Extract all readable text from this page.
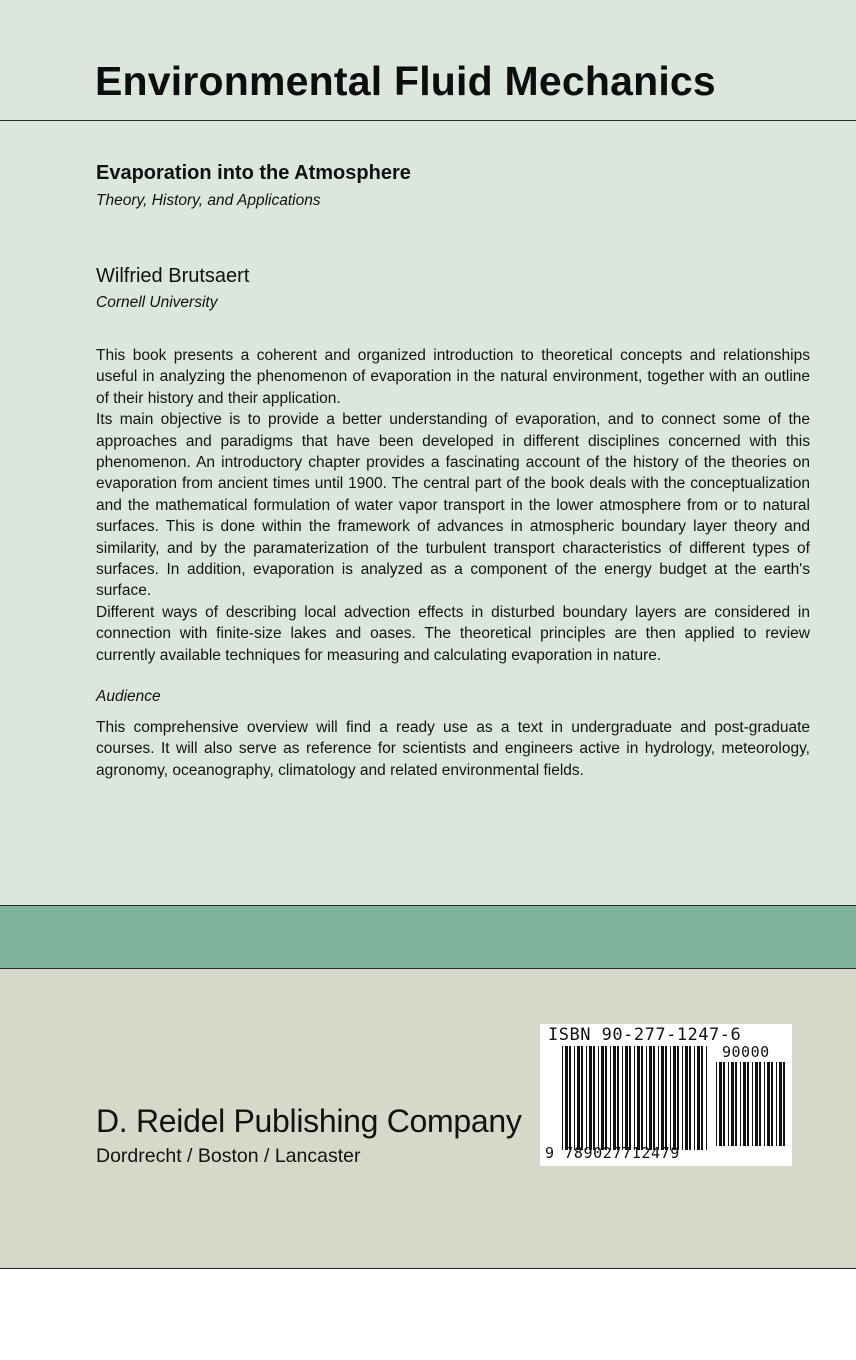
Environmental Fluid Mechanics
Evaporation into the Atmosphere
Theory, History, and Applications
Wilfried Brutsaert
Cornell University
This book presents a coherent and organized introduction to theoretical concepts and relationships useful in analyzing the phenomenon of evaporation in the natural environment, together with an outline of their history and their application.
Its main objective is to provide a better understanding of evaporation, and to connect some of the approaches and paradigms that have been developed in different disciplines concerned with this phenomenon. An introductory chapter provides a fascinating account of the history of the theories on evaporation from ancient times until 1900. The central part of the book deals with the conceptualization and the mathematical formulation of water vapor transport in the lower atmosphere from or to natural surfaces. This is done within the framework of advances in atmospheric boundary layer theory and similarity, and by the paramaterization of the turbulent transport characteristics of different types of surfaces. In addition, evaporation is analyzed as a component of the energy budget at the earth's surface.
Different ways of describing local advection effects in disturbed boundary layers are considered in connection with finite-size lakes and oases. The theoretical principles are then applied to review currently available techniques for measuring and calculating evaporation in nature.
Audience
This comprehensive overview will find a ready use as a text in undergraduate and post-graduate courses. It will also serve as reference for scientists and engineers active in hydrology, meteorology, agronomy, oceanography, climatology and related environmental fields.
D. Reidel Publishing Company
Dordrecht / Boston / Lancaster
ISBN 90-277-1247-6
90000
9 789027712479
